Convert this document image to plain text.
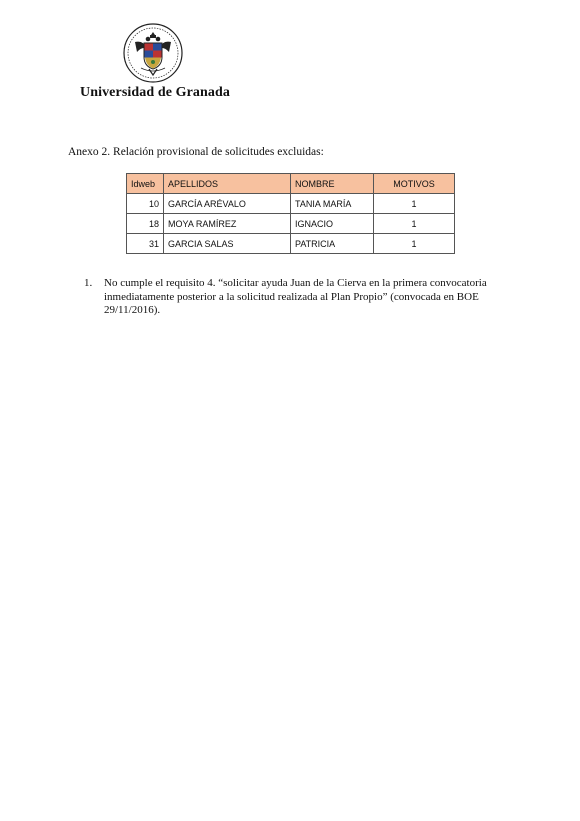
Universidad de Granada
Anexo 2. Relación provisional de solicitudes excluidas:
Idweb	APELLIDOS	NOMBRE	MOTIVOS
10	GARCÍA ARÉVALO	TANIA MARÍA	1
18	MOYA RAMÍREZ	IGNACIO	1
31	GARCIA SALAS	PATRICIA	1
1. No cumple el requisito 4. “solicitar ayuda Juan de la Cierva en la primera convocatoria inmediatamente posterior a la solicitud realizada al Plan Propio” (convocada en BOE 29/11/2016).
